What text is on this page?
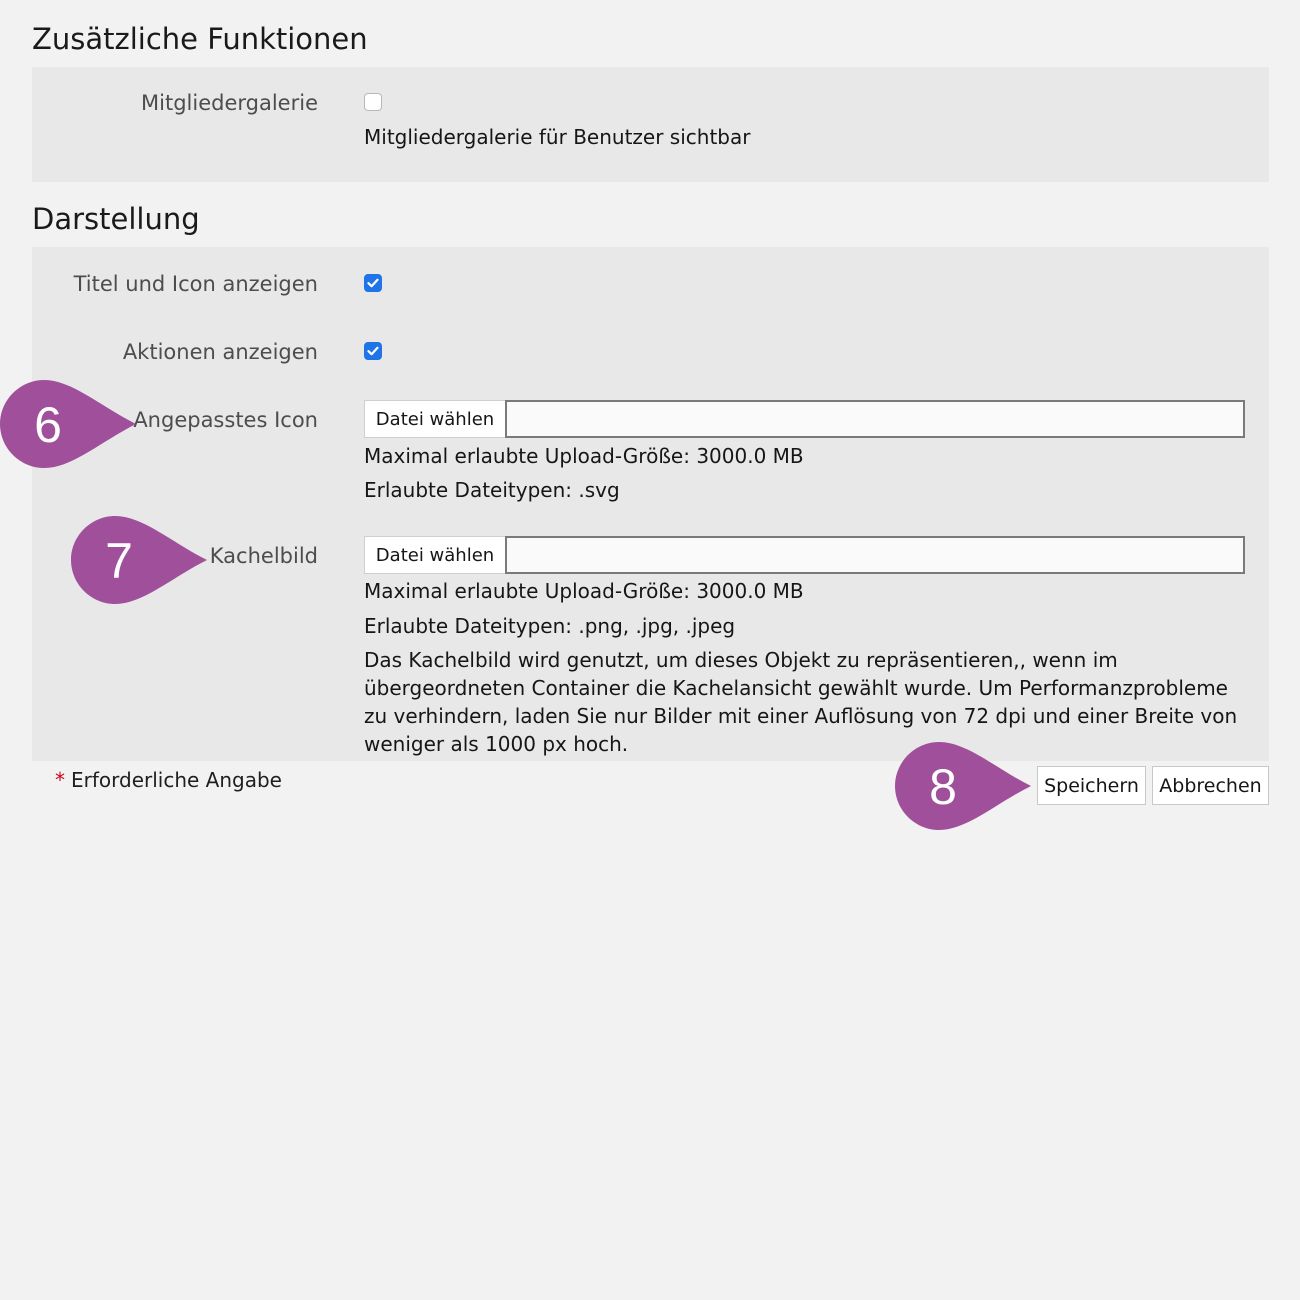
Zusätzliche Funktionen
Mitgliedergalerie
Mitgliedergalerie für Benutzer sichtbar
Darstellung
Titel und Icon anzeigen
Aktionen anzeigen
Angepasstes Icon	Datei wählen
Maximal erlaubte Upload-Größe: 3000.0 MB
Erlaubte Dateitypen: .svg
Kachelbild	Datei wählen
Maximal erlaubte Upload-Größe: 3000.0 MB
Erlaubte Dateitypen: .png, .jpg, .jpeg
Das Kachelbild wird genutzt, um dieses Objekt zu repräsentieren,, wenn im übergeordneten Container die Kachelansicht gewählt wurde. Um Performanzprobleme zu verhindern, laden Sie nur Bilder mit einer Auflösung von 72 dpi und einer Breite von weniger als 1000 px hoch.
* Erforderliche Angabe	Speichern	Abbrechen
6
7
8
